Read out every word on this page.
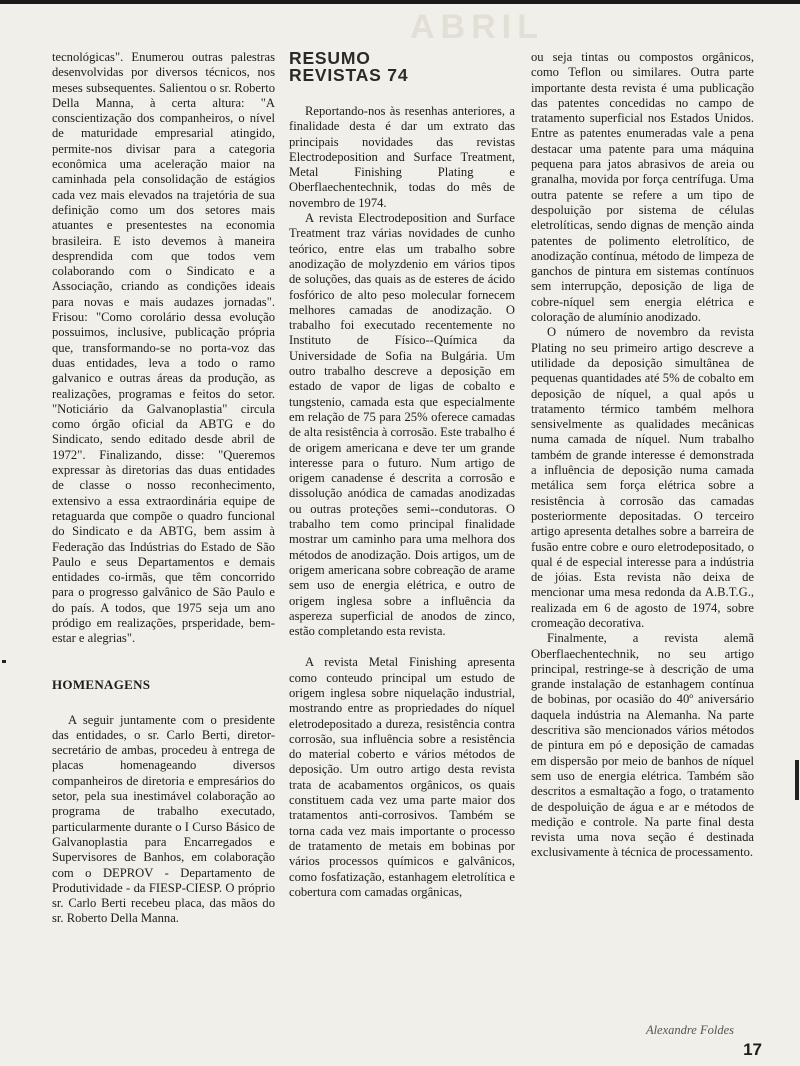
ABRIL

tecnológicas". Enumerou outras palestras desenvolvidas por diversos técnicos, nos meses subsequentes. Salientou o sr. Roberto Della Manna, à certa altura: "A conscientização dos companheiros, o nível de maturidade empresarial atingido, permite-nos divisar para a categoria econômica uma aceleração maior na caminhada pela consolidação de estágios cada vez mais elevados na trajetória de sua definição como um dos setores mais atuantes e presentestes na economia brasileira. E isto devemos à maneira desprendida com que todos vem colaborando com o Sindicato e a Associação, criando as condições ideais para novas e mais audazes jornadas". Frisou: "Como corolário dessa evolução possuimos, inclusive, publicação própria que, transformando-se no porta-voz das duas entidades, leva a todo o ramo galvanico e outras áreas da produção, as realizações, programas e feitos do setor. "Noticiário da Galvanoplastia" circula como órgão oficial da ABTG e do Sindicato, sendo editado desde abril de 1972". Finalizando, disse: "Queremos expressar às diretorias das duas entidades de classe o nosso reconhecimento, extensivo a essa extraordinária equipe de retaguarda que compõe o quadro funcional do Sindicato e da ABTG, bem assim à Federação das Indústrias do Estado de São Paulo e seus Departamentos e demais entidades co-irmãs, que têm concorrido para o progresso galvânico de São Paulo e do país. A todos, que 1975 seja um ano pródigo em realizações, prsperidade, bem-estar e alegrias".

HOMENAGENS

A seguir juntamente com o presidente das entidades, o sr. Carlo Berti, diretor-secretário de ambas, procedeu à entrega de placas homenageando diversos companheiros de diretoria e empresários do setor, pela sua inestimável colaboração ao programa de trabalho executado, particularmente durante o I Curso Básico de Galvanoplastia para Encarregados e Supervisores de Banhos, em colaboração com o DEPROV - Departamento de Produtividade - da FIESP-CIESP. O próprio sr. Carlo Berti recebeu placa, das mãos do sr. Roberto Della Manna.

RESUMO
REVISTAS 74

Reportando-nos às resenhas anteriores, a finalidade desta é dar um extrato das principais novidades das revistas Electrodeposition and Surface Treatment, Metal Finishing Plating e Oberflaechentechnik, todas do mês de novembro de 1974.

A revista Electrodeposition and Surface Treatment traz várias novidades de cunho teórico, entre elas um trabalho sobre anodização de molyzdenio em vários tipos de soluções, das quais as de esteres de ácido fosfórico de alto peso molecular fornecem melhores camadas de anodização. O trabalho foi executado recentemente no Instituto de Físico--Química da Universidade de Sofia na Bulgária. Um outro trabalho descreve a deposição em estado de vapor de ligas de cobalto e tungstenio, camada esta que especialmente em relação de 75 para 25% oferece camadas de alta resistência à corrosão. Este trabalho é de origem americana e deve ter um grande interesse para o futuro. Num artigo de origem canadense é descrita a corrosão e dissolução anódica de camadas anodizadas ou outras proteções semi--condutoras. O trabalho tem como principal finalidade mostrar um caminho para uma melhora dos métodos de anodização. Dois artigos, um de origem americana sobre cobreação de arame sem uso de energia elétrica, e outro de origem inglesa sobre a influência da aspereza superficial de anodos de zinco, estão completando esta revista.

A revista Metal Finishing apresenta como conteudo principal um estudo de origem inglesa sobre niquelação industrial, mostrando entre as propriedades do níquel eletrodepositado a dureza, resistência contra corrosão, sua influência sobre a resistência do material coberto e vários métodos de deposição. Um outro artigo desta revista trata de acabamentos orgânicos, os quais constituem cada vez uma parte maior dos tratamentos anti-corrosivos. Também se torna cada vez mais importante o processo de tratamento de metais em bobinas por vários processos químicos e galvânicos, como fosfatização, estanhagem eletrolítica e cobertura com camadas orgânicas,

ou seja tintas ou compostos orgânicos, como Teflon ou similares. Outra parte importante desta revista é uma publicação das patentes concedidas no campo de tratamento superficial nos Estados Unidos. Entre as patentes enumeradas vale a pena destacar uma patente para uma máquina pequena para jatos abrasivos de areia ou granalha, movida por força centrífuga. Uma outra patente se refere a um tipo de despoluição por sistema de células eletrolíticas, sendo dignas de menção ainda patentes de polimento eletrolítico, de anodização contínua, método de limpeza de ganchos de pintura em sistemas contínuos sem interrupção, deposição de liga de cobre-níquel sem energia elétrica e coloração de alumínio anodizado.

O número de novembro da revista Plating no seu primeiro artigo descreve a utilidade da deposição simultânea de pequenas quantidades até 5% de cobalto em deposição de níquel, a qual após u tratamento térmico também melhora sensivelmente as qualidades mecânicas numa camada de níquel. Num trabalho também de grande interesse é demonstrada a influência de deposição numa camada metálica sem força elétrica sobre a resistência à corrosão das camadas posteriormente depositadas. O terceiro artigo apresenta detalhes sobre a barreira de fusão entre cobre e ouro eletrodepositado, o qual é de especial interesse para a indústria de jóias. Esta revista não deixa de mencionar uma mesa redonda da A.B.T.G., realizada em 6 de agosto de 1974, sobre cromeação decorativa.

Finalmente, a revista alemã Oberflaechentechnik, no seu artigo principal, restringe-se à descrição de uma grande instalação de estanhagem contínua de bobinas, por ocasião do 40º aniversário daquela indústria na Alemanha. Na parte descritiva são mencionados vários métodos de pintura em pó e deposição de camadas em dispersão por meio de banhos de níquel sem uso de energia elétrica. Também são descritos a esmaltação a fogo, o tratamento de despoluição de água e ar e métodos de medição e controle. Na parte final desta revista uma nova seção é destinada exclusivamente à técnica de processamento.

Alexandre Foldes
17
